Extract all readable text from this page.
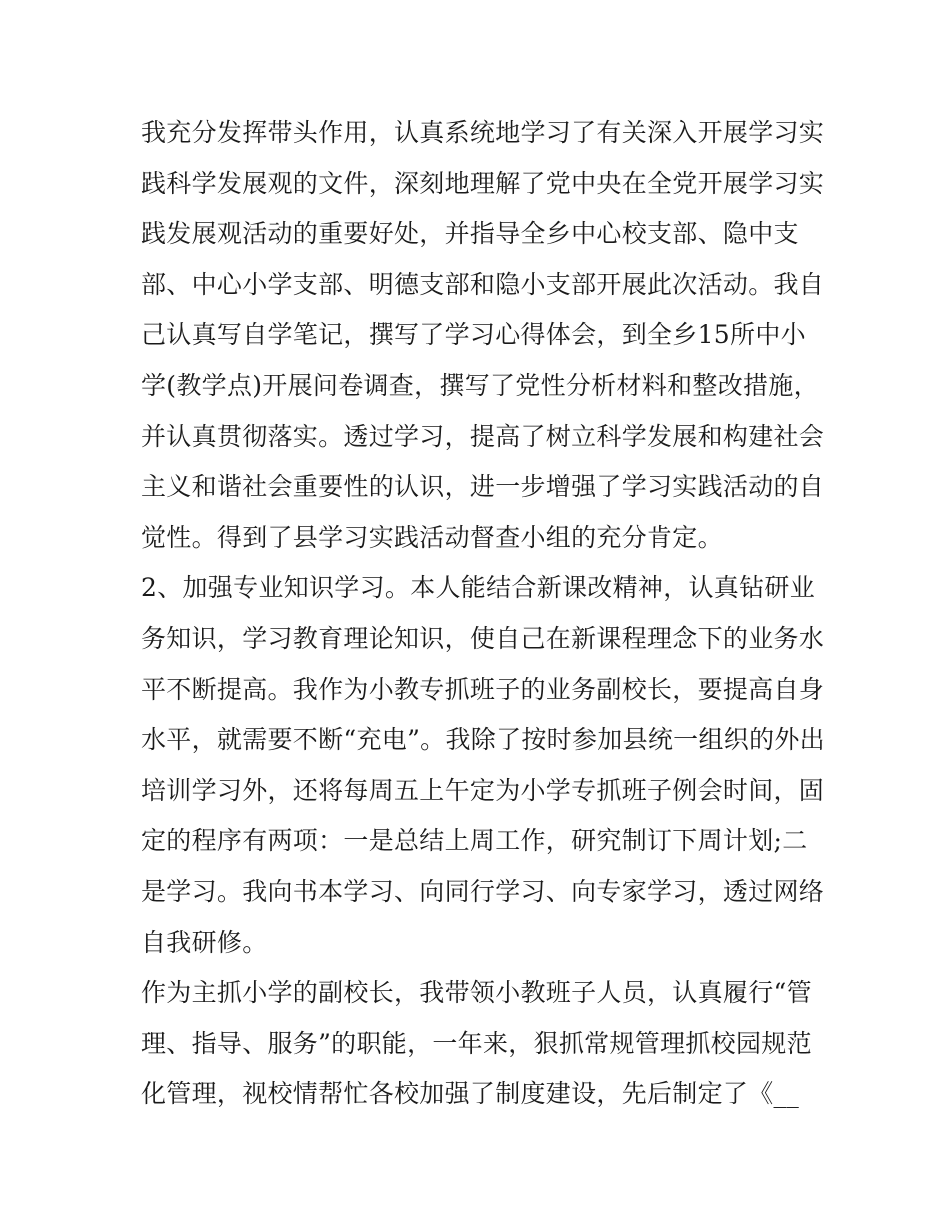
我充分发挥带头作用，认真系统地学习了有关深入开展学习实
践科学发展观的文件，深刻地理解了党中央在全党开展学习实
践发展观活动的重要好处，并指导全乡中心校支部、隐中支
部、中心小学支部、明德支部和隐小支部开展此次活动。我自
己认真写自学笔记，撰写了学习心得体会，到全乡15所中小
学(教学点)开展问卷调查，撰写了党性分析材料和整改措施，
并认真贯彻落实。透过学习，提高了树立科学发展和构建社会
主义和谐社会重要性的认识，进一步增强了学习实践活动的自
觉性。得到了县学习实践活动督查小组的充分肯定。
2、加强专业知识学习。本人能结合新课改精神，认真钻研业
务知识，学习教育理论知识，使自己在新课程理念下的业务水
平不断提高。我作为小教专抓班子的业务副校长，要提高自身
水平，就需要不断“充电”。我除了按时参加县统一组织的外出
培训学习外，还将每周五上午定为小学专抓班子例会时间，固
定的程序有两项：一是总结上周工作，研究制订下周计划;二
是学习。我向书本学习、向同行学习、向专家学习，透过网络
自我研修。
作为主抓小学的副校长，我带领小教班子人员，认真履行“管
理、指导、服务”的职能，一年来，狠抓常规管理抓校园规范
化管理，视校情帮忙各校加强了制度建设，先后制定了《__
